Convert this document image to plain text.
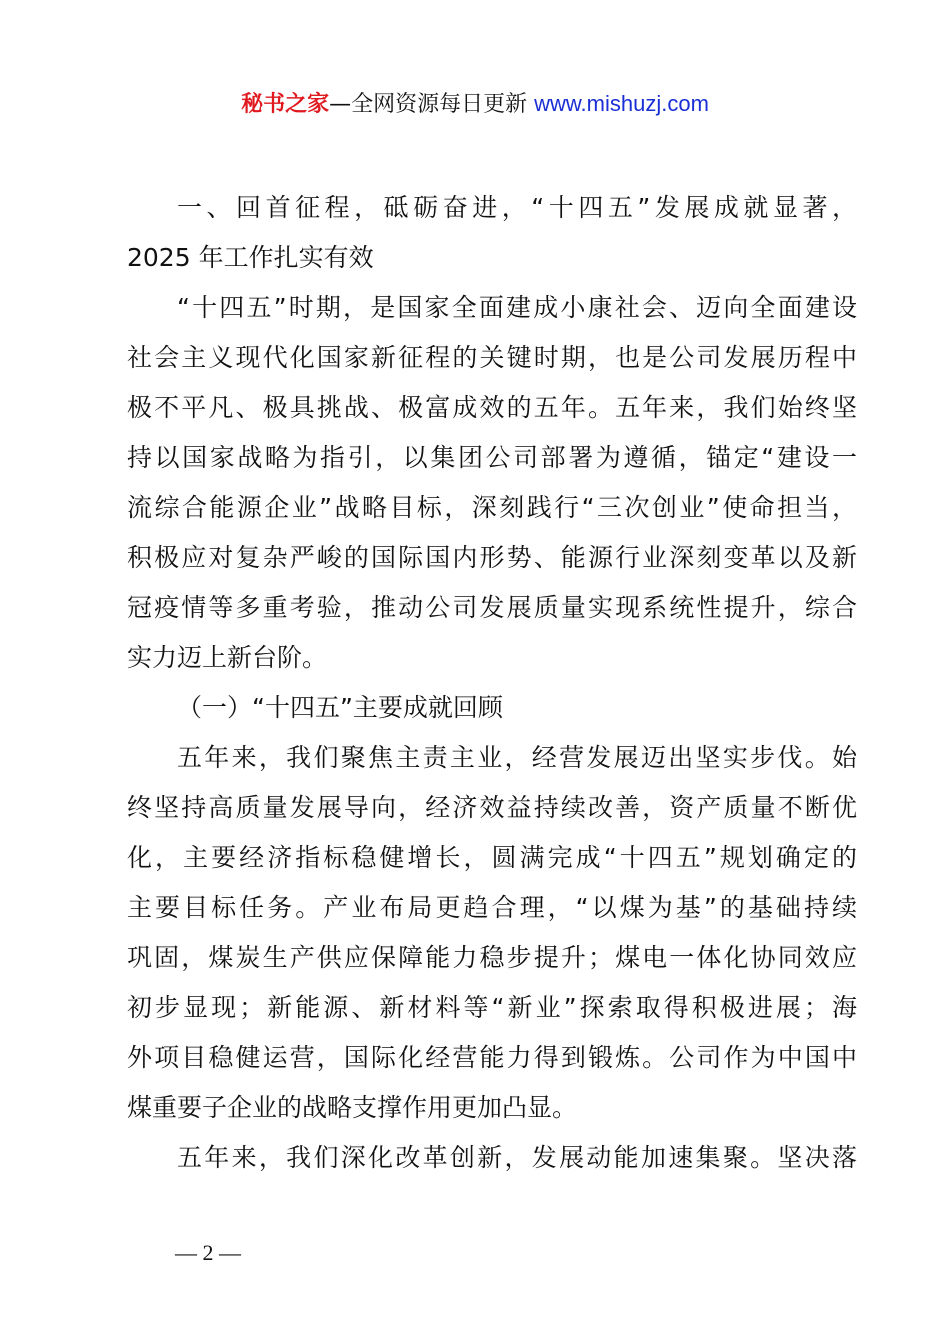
秘书之家—全网资源每日更新 www.mishuzj.com
一、回首征程，砥砺奋进，“十四五”发展成就显著，
2025 年工作扎实有效
“十四五”时期，是国家全面建成小康社会、迈向全面建设
社会主义现代化国家新征程的关键时期，也是公司发展历程中
极不平凡、极具挑战、极富成效的五年。五年来，我们始终坚
持以国家战略为指引，以集团公司部署为遵循，锚定“建设一
流综合能源企业”战略目标，深刻践行“三次创业”使命担当，
积极应对复杂严峻的国际国内形势、能源行业深刻变革以及新
冠疫情等多重考验，推动公司发展质量实现系统性提升，综合
实力迈上新台阶。
（一）“十四五”主要成就回顾
五年来，我们聚焦主责主业，经营发展迈出坚实步伐。始
终坚持高质量发展导向，经济效益持续改善，资产质量不断优
化，主要经济指标稳健增长，圆满完成“十四五”规划确定的
主要目标任务。产业布局更趋合理，“以煤为基”的基础持续
巩固，煤炭生产供应保障能力稳步提升；煤电一体化协同效应
初步显现；新能源、新材料等“新业”探索取得积极进展；海
外项目稳健运营，国际化经营能力得到锻炼。公司作为中国中
煤重要子企业的战略支撑作用更加凸显。
五年来，我们深化改革创新，发展动能加速集聚。坚决落
— 2 —
